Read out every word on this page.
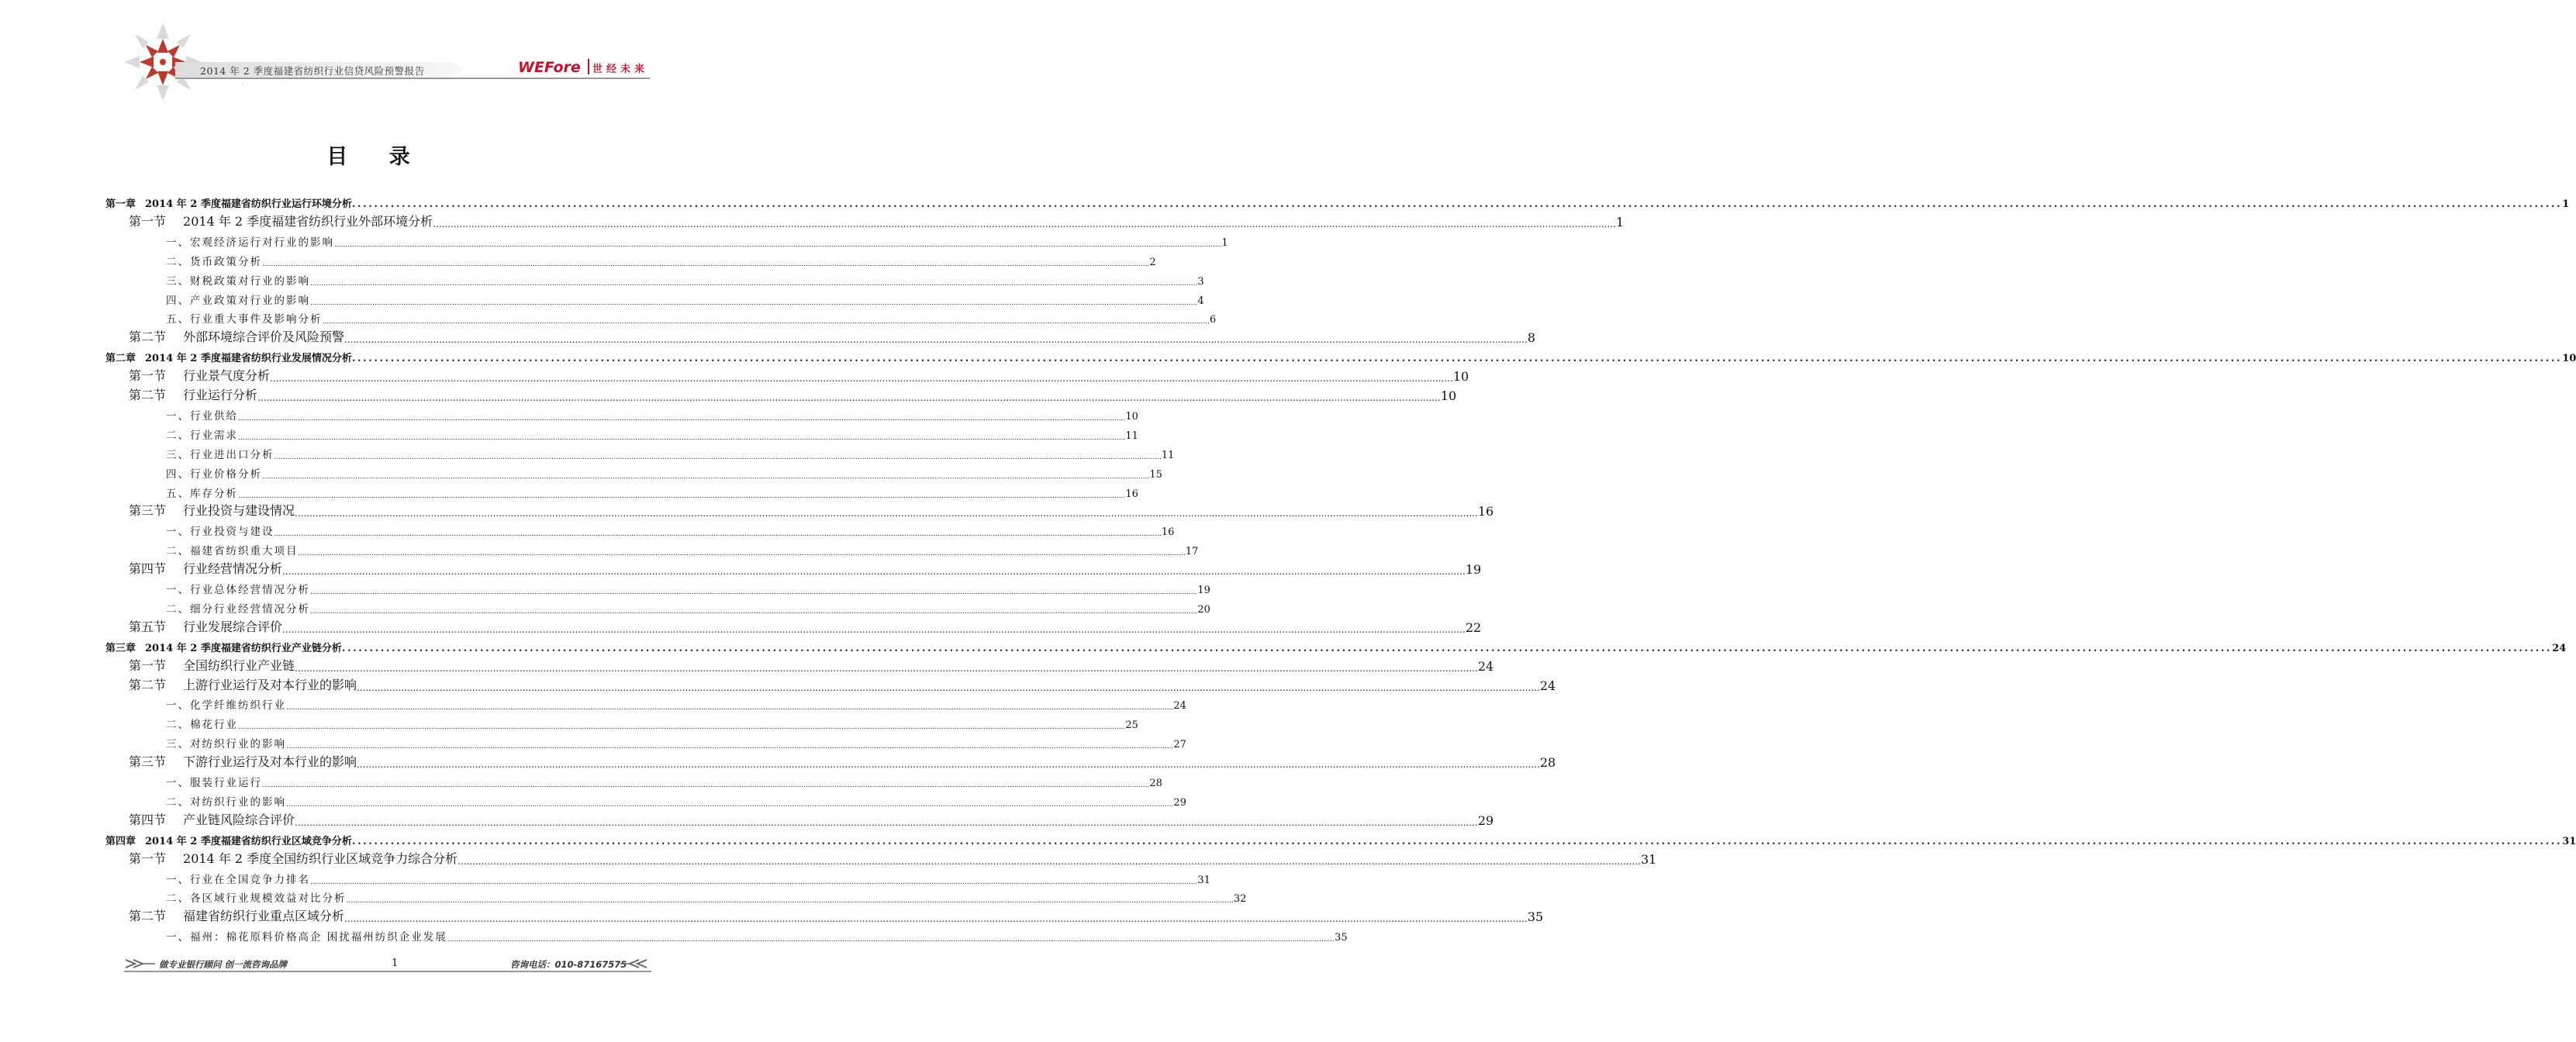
2014 年 2 季度福建省纺织行业信贷风险预警报告
·
WEFore 世经未来
目 录
第一章 2014 年 2 季度福建省纺织行业运行环境分析 ................................................................................................................................................................................................................................................................................................................................................................................................................ 1
第一节 2014 年 2 季度福建省纺织行业外部环境分析 ................................................................................................................................................................................................................................................................................................................................................................................................................ 1
一、宏观经济运行对行业的影响 ................................................................................................................................................................................................................................................................................................................................................................................................................ 1
二、货币政策分析 ................................................................................................................................................................................................................................................................................................................................................................................................................ 2
三、财税政策对行业的影响 ................................................................................................................................................................................................................................................................................................................................................................................................................ 3
四、产业政策对行业的影响 ................................................................................................................................................................................................................................................................................................................................................................................................................ 4
五、行业重大事件及影响分析 ................................................................................................................................................................................................................................................................................................................................................................................................................ 6
第二节 外部环境综合评价及风险预警 ................................................................................................................................................................................................................................................................................................................................................................................................................ 8
第二章 2014 年 2 季度福建省纺织行业发展情况分析 ................................................................................................................................................................................................................................................................................................................................................................................................................ 10
第一节 行业景气度分析 ................................................................................................................................................................................................................................................................................................................................................................................................................ 10
第二节 行业运行分析 ................................................................................................................................................................................................................................................................................................................................................................................................................ 10
一、行业供给 ................................................................................................................................................................................................................................................................................................................................................................................................................ 10
二、行业需求 ................................................................................................................................................................................................................................................................................................................................................................................................................ 11
三、行业进出口分析 ................................................................................................................................................................................................................................................................................................................................................................................................................ 11
四、行业价格分析 ................................................................................................................................................................................................................................................................................................................................................................................................................ 15
五、库存分析 ................................................................................................................................................................................................................................................................................................................................................................................................................ 16
第三节 行业投资与建设情况 ................................................................................................................................................................................................................................................................................................................................................................................................................ 16
一、行业投资与建设 ................................................................................................................................................................................................................................................................................................................................................................................................................ 16
二、福建省纺织重大项目 ................................................................................................................................................................................................................................................................................................................................................................................................................ 17
第四节 行业经营情况分析 ................................................................................................................................................................................................................................................................................................................................................................................................................ 19
一、行业总体经营情况分析 ................................................................................................................................................................................................................................................................................................................................................................................................................ 19
二、细分行业经营情况分析 ................................................................................................................................................................................................................................................................................................................................................................................................................ 20
第五节 行业发展综合评价 ................................................................................................................................................................................................................................................................................................................................................................................................................ 22
第三章 2014 年 2 季度福建省纺织行业产业链分析 ................................................................................................................................................................................................................................................................................................................................................................................................................ 24
第一节 全国纺织行业产业链 ................................................................................................................................................................................................................................................................................................................................................................................................................ 24
第二节 上游行业运行及对本行业的影响 ................................................................................................................................................................................................................................................................................................................................................................................................................ 24
一、化学纤维纺织行业 ................................................................................................................................................................................................................................................................................................................................................................................................................ 24
二、棉花行业 ................................................................................................................................................................................................................................................................................................................................................................................................................ 25
三、对纺织行业的影响 ................................................................................................................................................................................................................................................................................................................................................................................................................ 27
第三节 下游行业运行及对本行业的影响 ................................................................................................................................................................................................................................................................................................................................................................................................................ 28
一、服装行业运行 ................................................................................................................................................................................................................................................................................................................................................................................................................ 28
二、对纺织行业的影响 ................................................................................................................................................................................................................................................................................................................................................................................................................ 29
第四节 产业链风险综合评价 ................................................................................................................................................................................................................................................................................................................................................................................................................ 29
第四章 2014 年 2 季度福建省纺织行业区域竞争分析 ................................................................................................................................................................................................................................................................................................................................................................................................................ 31
第一节 2014 年 2 季度全国纺织行业区域竞争力综合分析 ................................................................................................................................................................................................................................................................................................................................................................................................................ 31
一、行业在全国竞争力排名 ................................................................................................................................................................................................................................................................................................................................................................................................................ 31
二、各区域行业规模效益对比分析 ................................................................................................................................................................................................................................................................................................................................................................................................................ 32
第二节 福建省纺织行业重点区域分析 ................................................................................................................................................................................................................................................................................................................................................................................................................ 35
一、福州：棉花原料价格高企 困扰福州纺织企业发展 ................................................................................................................................................................................................................................................................................................................................................................................................................ 35
做专业银行顾问 创一流咨询品牌	1	咨询电话：010-87167575
